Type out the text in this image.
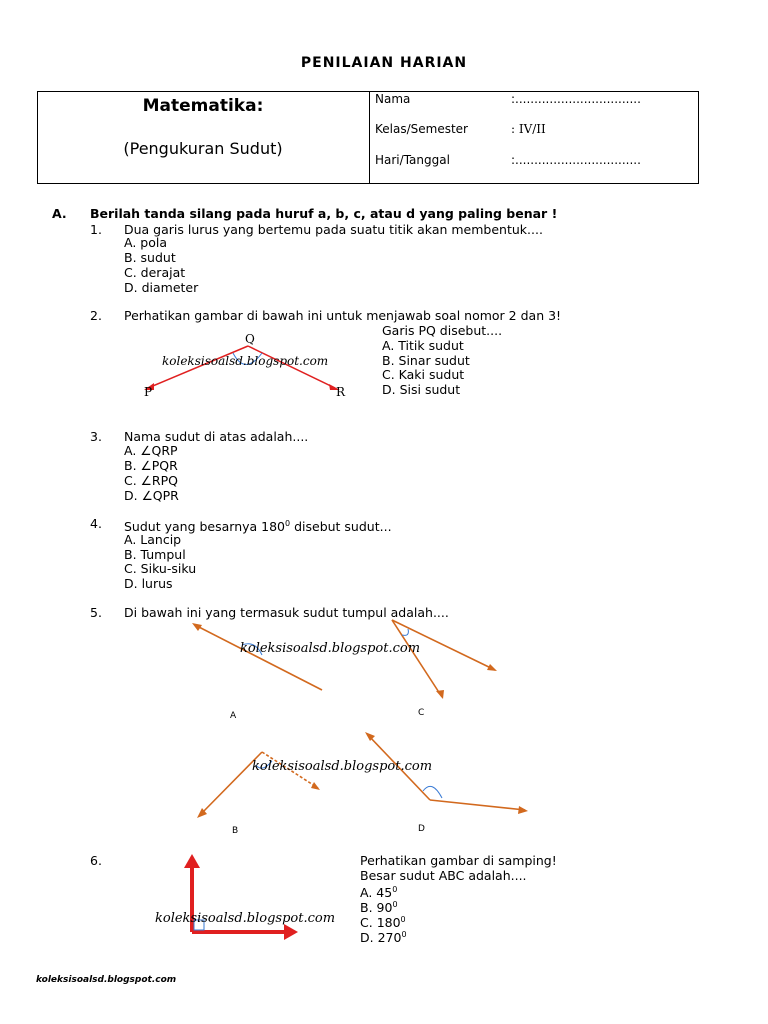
PENILAIAN HARIAN
Matematika:
(Pengukuran Sudut)
Nama	:.................................
Kelas/Semester	: IV/II
Hari/Tanggal	:.................................
A. Berilah tanda silang pada huruf a, b, c, atau d yang paling benar !
1. Dua garis lurus yang bertemu pada suatu titik akan membentuk....
A. pola
B. sudut
C. derajat
D. diameter
2. Perhatikan gambar di bawah ini untuk menjawab soal nomor 2 dan 3!
Garis PQ disebut....
A. Titik sudut
B. Sinar sudut
C. Kaki sudut
D. Sisi sudut
Q
P	R
koleksisoalsd.blogspot.com
3. Nama sudut di atas adalah....
A. ∠QRP
B. ∠PQR
C. ∠RPQ
D. ∠QPR
4. Sudut yang besarnya $180^0$ disebut sudut...
A. Lancip
B. Tumpul
C. Siku-siku
D. lurus
5. Di bawah ini yang termasuk sudut tumpul adalah....
A	C
B	D
koleksisoalsd.blogspot.com
koleksisoalsd.blogspot.com
6.	Perhatikan gambar di samping!
Besar sudut ABC adalah....
A. $45^0$
B. $90^0$
C. $180^0$
D. $270^0$
koleksisoalsd.blogspot.com
koleksisoalsd.blogspot.com
